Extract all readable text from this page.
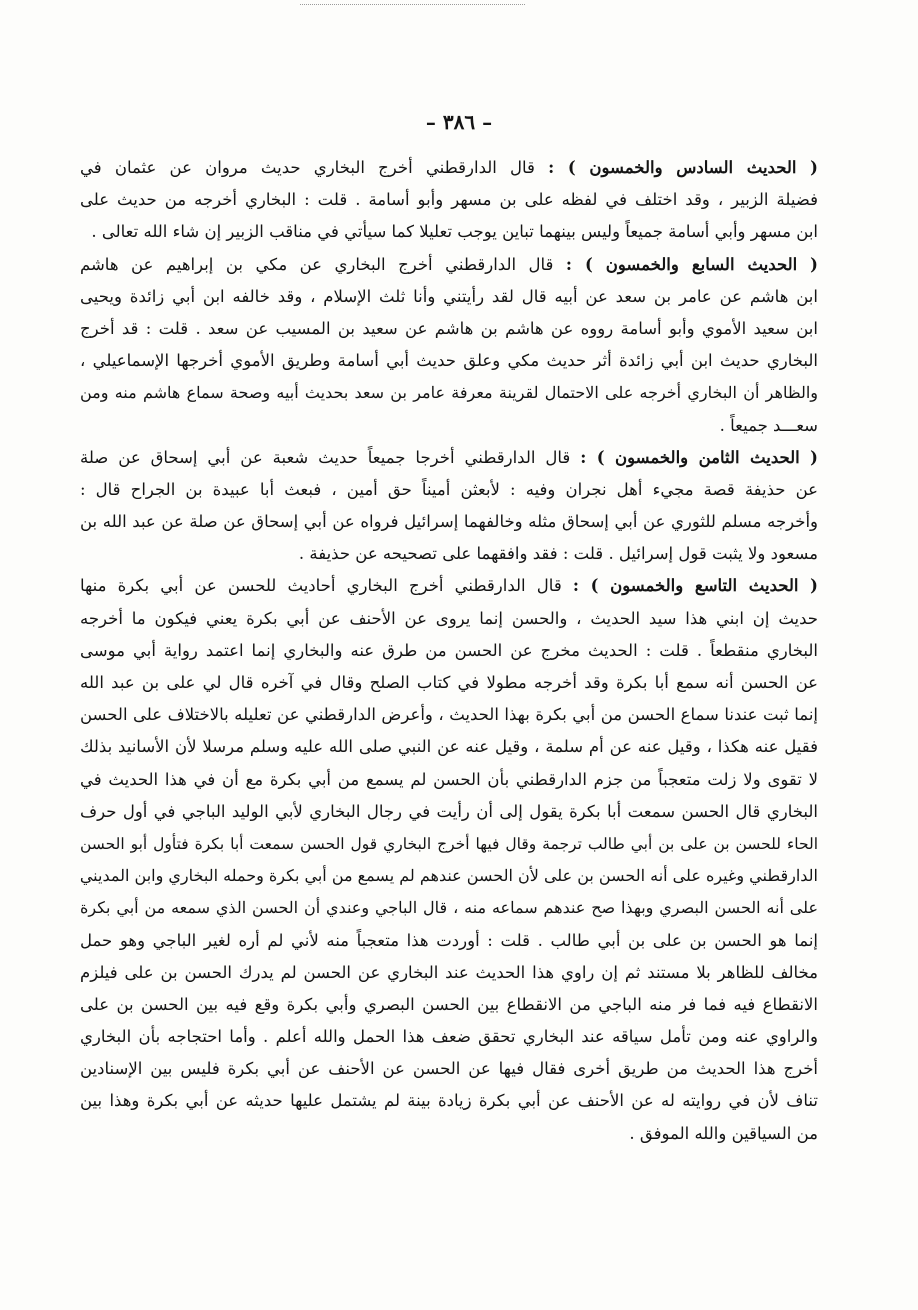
– ٣٨٦ –
( الحديث السادس والخمسون ) : قال الدارقطني أخرج البخاري حديث مروان عن عثمان في
فضيلة الزبير ، وقد اختلف في لفظه على بن مسهر وأبو أسامة . قلت : البخاري أخرجه من حديث على
ابن مسهر وأبي أسامة جميعاً وليس بينهما تباين يوجب تعليلا كما سيأتي في مناقب الزبير إن شاء الله تعالى .
( الحديث السابع والخمسون ) : قال الدارقطني أخرج البخاري عن مكي بن إبراهيم عن هاشم
ابن هاشم عن عامر بن سعد عن أبيه قال لقد رأيتني وأنا ثلث الإسلام ، وقد خالفه ابن أبي زائدة ويحيى
ابن سعيد الأموي وأبو أسامة رووه عن هاشم بن هاشم عن سعيد بن المسيب عن سعد . قلت : قد أخرج
البخاري حديث ابن أبي زائدة أثر حديث مكي وعلق حديث أبي أسامة وطريق الأموي أخرجها الإسماعيلي ،
والظاهر أن البخاري أخرجه على الاحتمال لقرينة معرفة عامر بن سعد بحديث أبيه وصحة سماع هاشم منه ومن
سعـــد جميعاً .
( الحديث الثامن والخمسون ) : قال الدارقطني أخرجا جميعاً حديث شعبة عن أبي إسحاق عن صلة
عن حذيفة قصة مجيء أهل نجران وفيه : لأبعثن أميناً حق أمين ، فبعث أبا عبيدة بن الجراح قال :
وأخرجه مسلم للثوري عن أبي إسحاق مثله وخالفهما إسرائيل فرواه عن أبي إسحاق عن صلة عن عبد الله بن
مسعود ولا يثبت قول إسرائيل . قلت : فقد وافقهما على تصحيحه عن حذيفة .
( الحديث التاسع والخمسون ) : قال الدارقطني أخرج البخاري أحاديث للحسن عن أبي بكرة منها
حديث إن ابني هذا سيد الحديث ، والحسن إنما يروى عن الأحنف عن أبي بكرة يعني فيكون ما أخرجه
البخاري منقطعاً . قلت : الحديث مخرج عن الحسن من طرق عنه والبخاري إنما اعتمد رواية أبي موسى
عن الحسن أنه سمع أبا بكرة وقد أخرجه مطولا في كتاب الصلح وقال في آخره قال لي على بن عبد الله
إنما ثبت عندنا سماع الحسن من أبي بكرة بهذا الحديث ، وأعرض الدارقطني عن تعليله بالاختلاف على الحسن
فقيل عنه هكذا ، وقيل عنه عن أم سلمة ، وقيل عنه عن النبي صلى الله عليه وسلم مرسلا لأن الأسانيد بذلك
لا تقوى ولا زلت متعجباً من جزم الدارقطني بأن الحسن لم يسمع من أبي بكرة مع أن في هذا الحديث في
البخاري قال الحسن سمعت أبا بكرة يقول إلى أن رأيت في رجال البخاري لأبي الوليد الباجي في أول حرف
الحاء للحسن بن على بن أبي طالب ترجمة وقال فيها أخرج البخاري قول الحسن سمعت أبا بكرة فتأول أبو الحسن
الدارقطني وغيره على أنه الحسن بن على لأن الحسن عندهم لم يسمع من أبي بكرة وحمله البخاري وابن المديني
على أنه الحسن البصري وبهذا صح عندهم سماعه منه ، قال الباجي وعندي أن الحسن الذي سمعه من أبي بكرة
إنما هو الحسن بن على بن أبي طالب . قلت : أوردت هذا متعجباً منه لأني لم أره لغير الباجي وهو حمل
مخالف للظاهر بلا مستند ثم إن راوي هذا الحديث عند البخاري عن الحسن لم يدرك الحسن بن على فيلزم
الانقطاع فيه فما فر منه الباجي من الانقطاع بين الحسن البصري وأبي بكرة وقع فيه بين الحسن بن على
والراوي عنه ومن تأمل سياقه عند البخاري تحقق ضعف هذا الحمل والله أعلم . وأما احتجاجه بأن البخاري
أخرج هذا الحديث من طريق أخرى فقال فيها عن الحسن عن الأحنف عن أبي بكرة فليس بين الإسنادين
تناف لأن في روايته له عن الأحنف عن أبي بكرة زيادة بينة لم يشتمل عليها حديثه عن أبي بكرة وهذا بين
من السياقين والله الموفق .
